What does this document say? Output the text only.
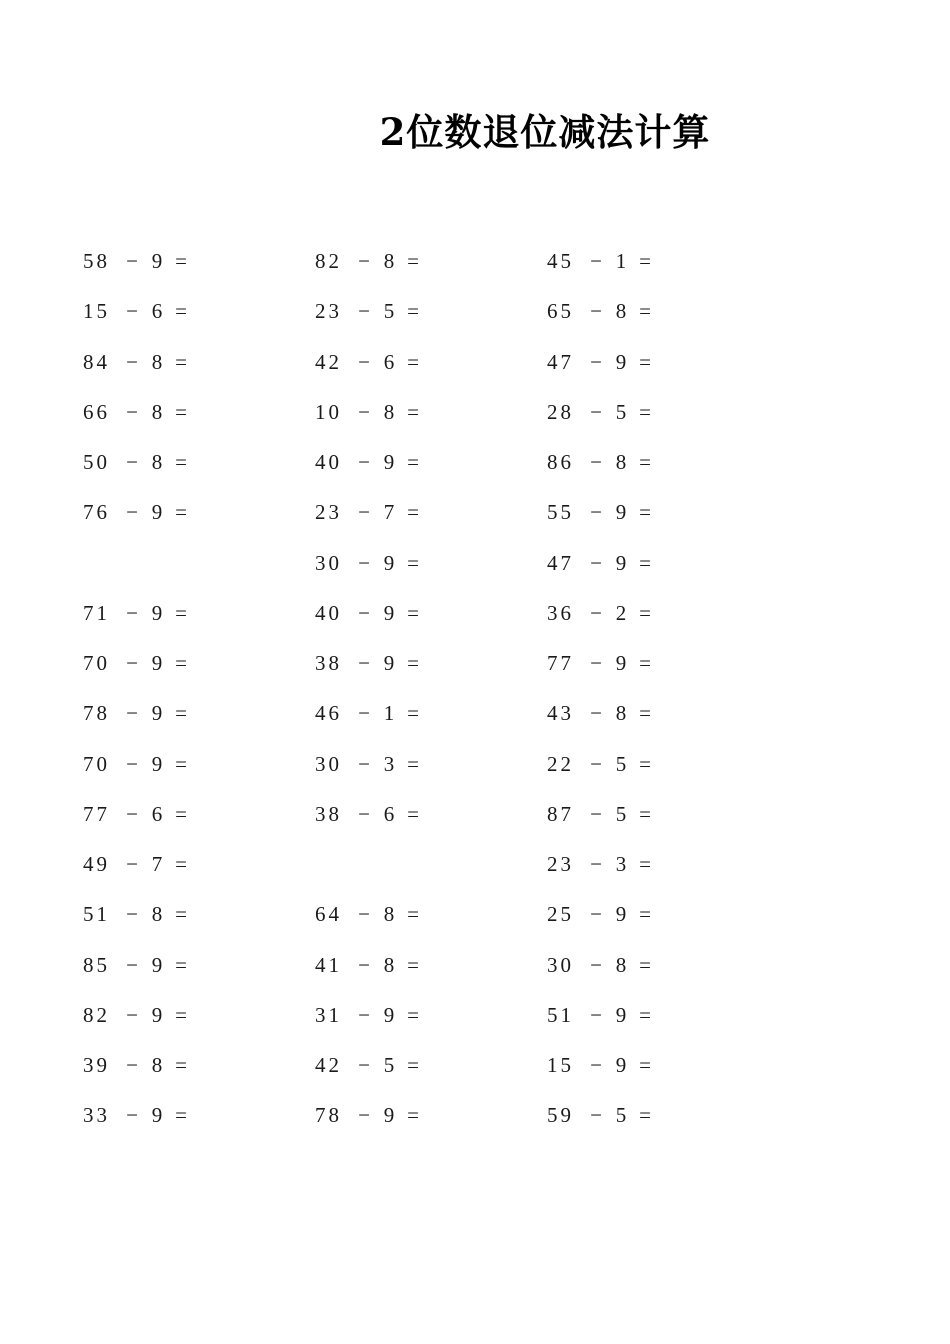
2位数退位减法计算
58 − 9 =
15 − 6 =
84 − 8 =
66 − 8 =
50 − 8 =
76 − 9 =
71 − 9 =
70 − 9 =
78 − 9 =
70 − 9 =
77 − 6 =
49 − 7 =
51 − 8 =
85 − 9 =
82 − 9 =
39 − 8 =
33 − 9 =
82 − 8 =
23 − 5 =
42 − 6 =
10 − 8 =
40 − 9 =
23 − 7 =
30 − 9 =
40 − 9 =
38 − 9 =
46 − 1 =
30 − 3 =
38 − 6 =
64 − 8 =
41 − 8 =
31 − 9 =
42 − 5 =
78 − 9 =
45 − 1 =
65 − 8 =
47 − 9 =
28 − 5 =
86 − 8 =
55 − 9 =
47 − 9 =
36 − 2 =
77 − 9 =
43 − 8 =
22 − 5 =
87 − 5 =
23 − 3 =
25 − 9 =
30 − 8 =
51 − 9 =
15 − 9 =
59 − 5 =
